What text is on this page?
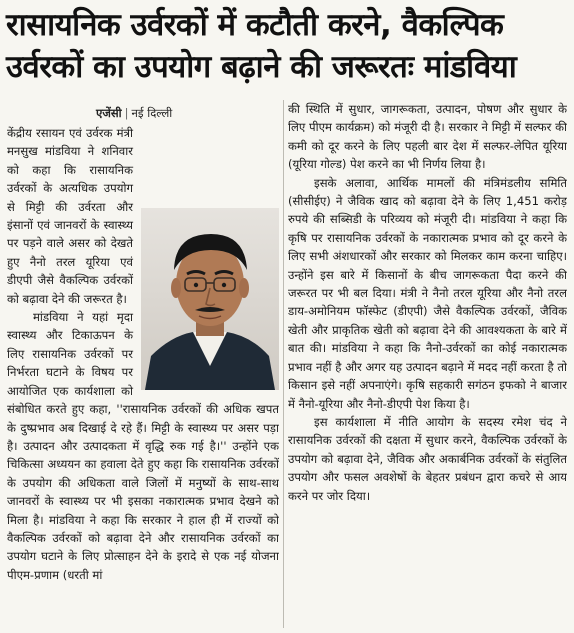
रासायनिक उर्वरकों में कटौती करने, वैकल्पिक
उर्वरकों का उपयोग बढ़ाने की जरूरतः मांडविया
एजेंसी | नई दिल्ली

केंद्रीय रसायन एवं उर्वरक मंत्री मनसुख मांडविया ने शनिवार को कहा कि रासायनिक उर्वरकों के अत्यधिक उपयोग से मिट्टी की उर्वरता और इंसानों एवं जानवरों के स्वास्थ्य पर पड़ने वाले असर को देखते हुए नैनो तरल यूरिया एवं डीएपी जैसे वैकल्पिक उर्वरकों को बढ़ावा देने की जरूरत है।

मांडविया ने यहां मृदा स्वास्थ्य और टिकाऊपन के लिए रासायनिक उर्वरकों पर निर्भरता घटाने के विषय पर आयोजित एक कार्यशाला को संबोधित करते हुए कहा, ''रासायनिक उर्वरकों की अधिक खपत के दुष्प्रभाव अब दिखाई दे रहे हैं। मिट्टी के स्वास्थ्य पर असर पड़ा है। उत्पादन और उत्पादकता में वृद्धि रुक गई है।'' उन्होंने एक चिकित्सा अध्ययन का हवाला देते हुए कहा कि रासायनिक उर्वरकों के उपयोग की अधिकता वाले जिलों में मनुष्यों के साथ-साथ जानवरों के स्वास्थ्य पर भी इसका नकारात्मक प्रभाव देखने को मिला है। मांडविया ने कहा कि सरकार ने हाल ही में राज्यों को वैकल्पिक उर्वरकों को बढ़ावा देने और रासायनिक उर्वरकों का उपयोग घटाने के लिए प्रोत्साहन देने के इरादे से एक नई योजना पीएम-प्रणाम (धरती मां

की स्थिति में सुधार, जागरूकता, उत्पादन, पोषण और सुधार के लिए पीएम कार्यक्रम) को मंजूरी दी है। सरकार ने मिट्टी में सल्फर की कमी को दूर करने के लिए पहली बार देश में सल्फर-लेपित यूरिया (यूरिया गोल्ड) पेश करने का भी निर्णय लिया है।

इसके अलावा, आर्थिक मामलों की मंत्रिमंडलीय समिति (सीसीईए) ने जैविक खाद को बढ़ावा देने के लिए 1,451 करोड़ रुपये की सब्सिडी के परिव्यय को मंजूरी दी। मांडविया ने कहा कि कृषि पर रासायनिक उर्वरकों के नकारात्मक प्रभाव को दूर करने के लिए सभी अंशधारकों और सरकार को मिलकर काम करना चाहिए। उन्होंने इस बारे में किसानों के बीच जागरूकता पैदा करने की जरूरत पर भी बल दिया। मंत्री ने नैनो तरल यूरिया और नैनो तरल डाय-अमोनियम फॉस्फेट (डीएपी) जैसे वैकल्पिक उर्वरकों, जैविक खेती और प्राकृतिक खेती को बढ़ावा देने की आवश्यकता के बारे में बात की। मांडविया ने कहा कि नैनो-उर्वरकों का कोई नकारात्मक प्रभाव नहीं है और अगर यह उत्पादन बढ़ाने में मदद नहीं करता है तो किसान इसे नहीं अपनाएंगे। कृषि सहकारी सगंठन इफको ने बाजार में नैनो-यूरिया और नैनो-डीएपी पेश किया है।

इस कार्यशाला में नीति आयोग के सदस्य रमेश चंद ने रासायनिक उर्वरकों की दक्षता में सुधार करने, वैकल्पिक उर्वरकों के उपयोग को बढ़ावा देने, जैविक और अकार्बनिक उर्वरकों के संतुलित उपयोग और फसल अवशेषों के बेहतर प्रबंधन द्वारा कचरे से आय करने पर जोर दिया।
